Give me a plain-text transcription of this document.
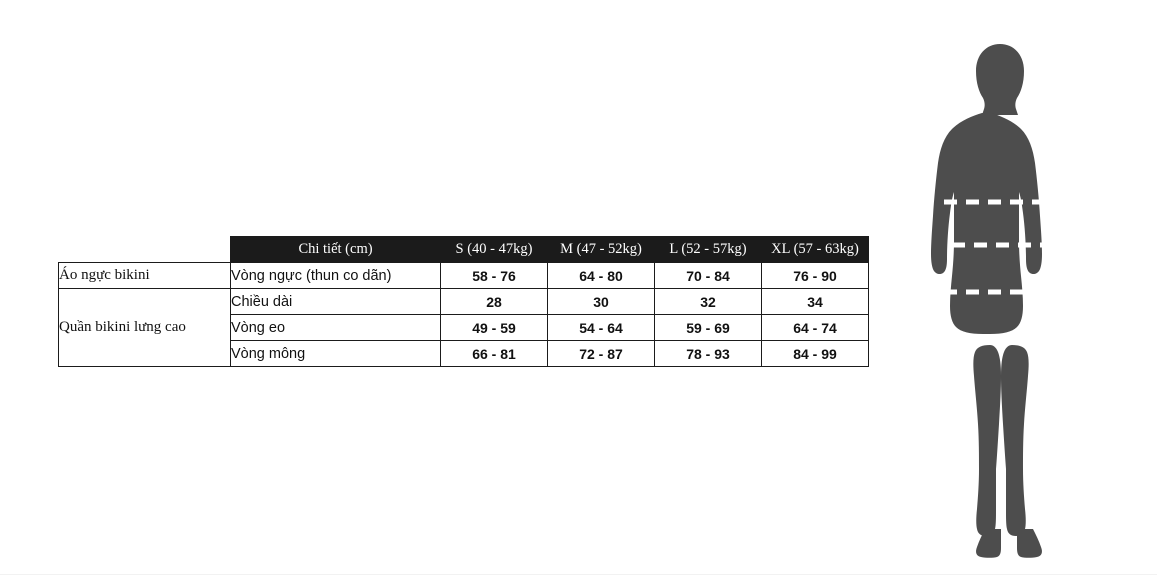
	Chi tiết (cm)	S (40 - 47kg)	M (47 - 52kg)	L (52 - 57kg)	XL (57 - 63kg)
Áo ngực bikini	Vòng ngực (thun co dãn)	58 - 76	64 - 80	70 - 84	76 - 90
Quần bikini lưng cao	Chiều dài	28	30	32	34
	Vòng eo	49 - 59	54 - 64	59 - 69	64 - 74
	Vòng mông	66 - 81	72 - 87	78 - 93	84 - 99
